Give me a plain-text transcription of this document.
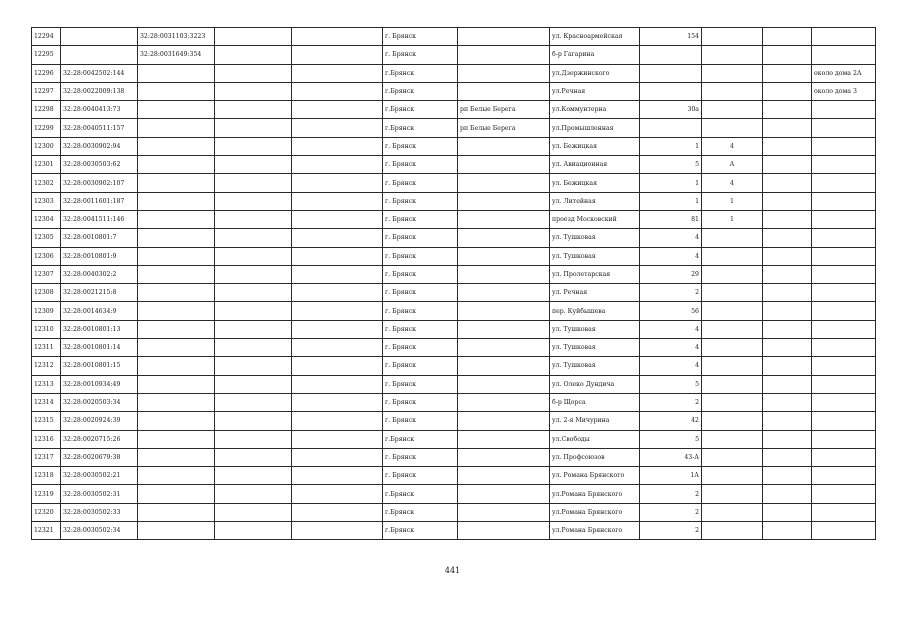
12294		32:28:0031103:3223			г. Брянск		ул. Красноармейская	154			
12295		32:28:0031649:354			г. Брянск		б-р Гагарина				
12296	32:28:0042502:144				г.Брянск		ул.Дзержинского				около дома 2А
12297	32:28:0022009:138				г.Брянск		ул.Речная				около дома 3
12298	32:28:0040413:73				г.Брянск	рп Белые Берега	ул.Коммунтерна	30а			
12299	32:28:0040511:157				г.Брянск	рп Белые Берега	ул.Промышленная				
12300	32:28:0030902:94				г. Брянск		ул. Бежицкая	1	4		
12301	32:28:0030503:62				г. Брянск		ул. Авиационная	5	А		
12302	32:28:0030902:107				г. Брянск		ул. Бежицкая	1	4		
12303	32:28:0011601:187				г. Брянск		ул. Литейная	1	1		
12304	32:28:0041511:146				г. Брянск		проезд Московский	81	1		
12305	32:28:0010801:7				г. Брянск		ул. Тушковая	4			
12306	32:28:0010801:9				г. Брянск		ул. Тушковая	4			
12307	32:28:0040302:2				г. Брянск		ул. Пролетарская	29			
12308	32:28:0021215:8				г. Брянск		ул. Речная	2			
12309	32:28:0014634:9				г. Брянск		пер. Куйбышева	56			
12310	32:28:0010801:13				г. Брянск		ул. Тушковая	4			
12311	32:28:0010801:14				г. Брянск		ул. Тушковая	4			
12312	32:28:0010801:15				г. Брянск		ул. Тушковая	4			
12313	32:28:0010934:49				г. Брянск		ул. Олеко Дундича	5			
12314	32:28:0020503:34				г. Брянск		б-р Щорса	2			
12315	32:28:0020924:39				г. Брянск		ул. 2-я Мичурина	42			
12316	32:28:0020715:26				г.Брянск		ул.Свободы	5			
12317	32:28:0020679:38				г. Брянск		ул. Профсоюзов	43-А			
12318	32:28:0030502:21				г. Брянск		ул. Романа Брянского	1А			
12319	32:28:0030502:31				г.Брянск		ул.Романа Брянского	2			
12320	32:28:0030502:33				г.Брянск		ул.Романа Брянского	2			
12321	32:28:0030502:34				г.Брянск		ул.Романа Брянского	2			
441
